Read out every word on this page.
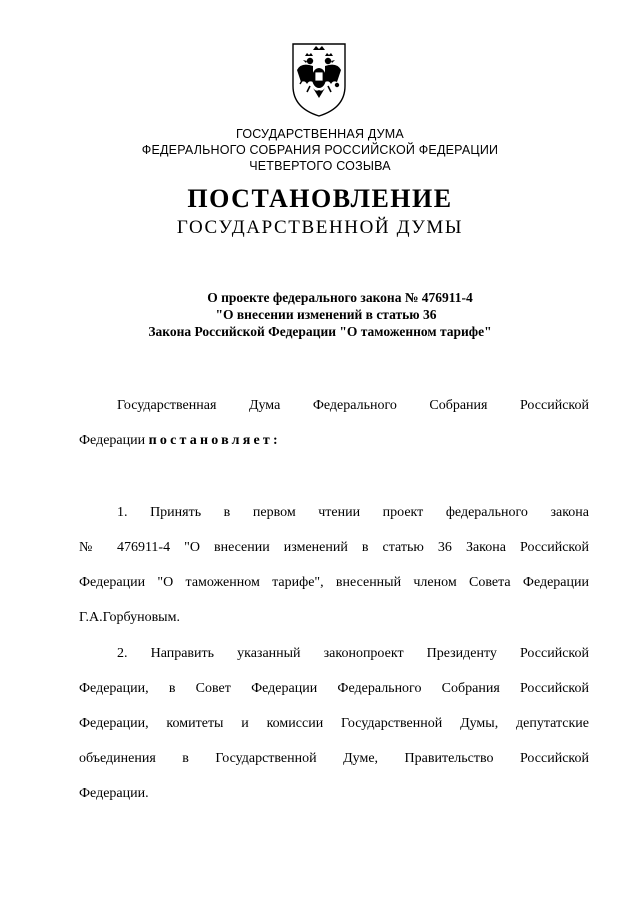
ГОСУДАРСТВЕННАЯ ДУМА
ФЕДЕРАЛЬНОГО СОБРАНИЯ РОССИЙСКОЙ ФЕДЕРАЦИИ
ЧЕТВЕРТОГО СОЗЫВА
ПОСТАНОВЛЕНИЕ
ГОСУДАРСТВЕННОЙ ДУМЫ
О проекте федерального закона № 476911-4
"О внесении изменений в статью 36
Закона Российской Федерации "О таможенном тарифе"
Государственная Дума Федерального Собрания Российской
Федерации постановляет:
1. Принять в первом чтении проект федерального закона
№ 476911-4 "О внесении изменений в статью 36 Закона Российской
Федерации "О таможенном тарифе", внесенный членом Совета Федерации
Г.А.Горбуновым.
2. Направить указанный законопроект Президенту Российской
Федерации, в Совет Федерации Федерального Собрания Российской
Федерации, комитеты и комиссии Государственной Думы, депутатские
объединения в Государственной Думе, Правительство Российской
Федерации.
